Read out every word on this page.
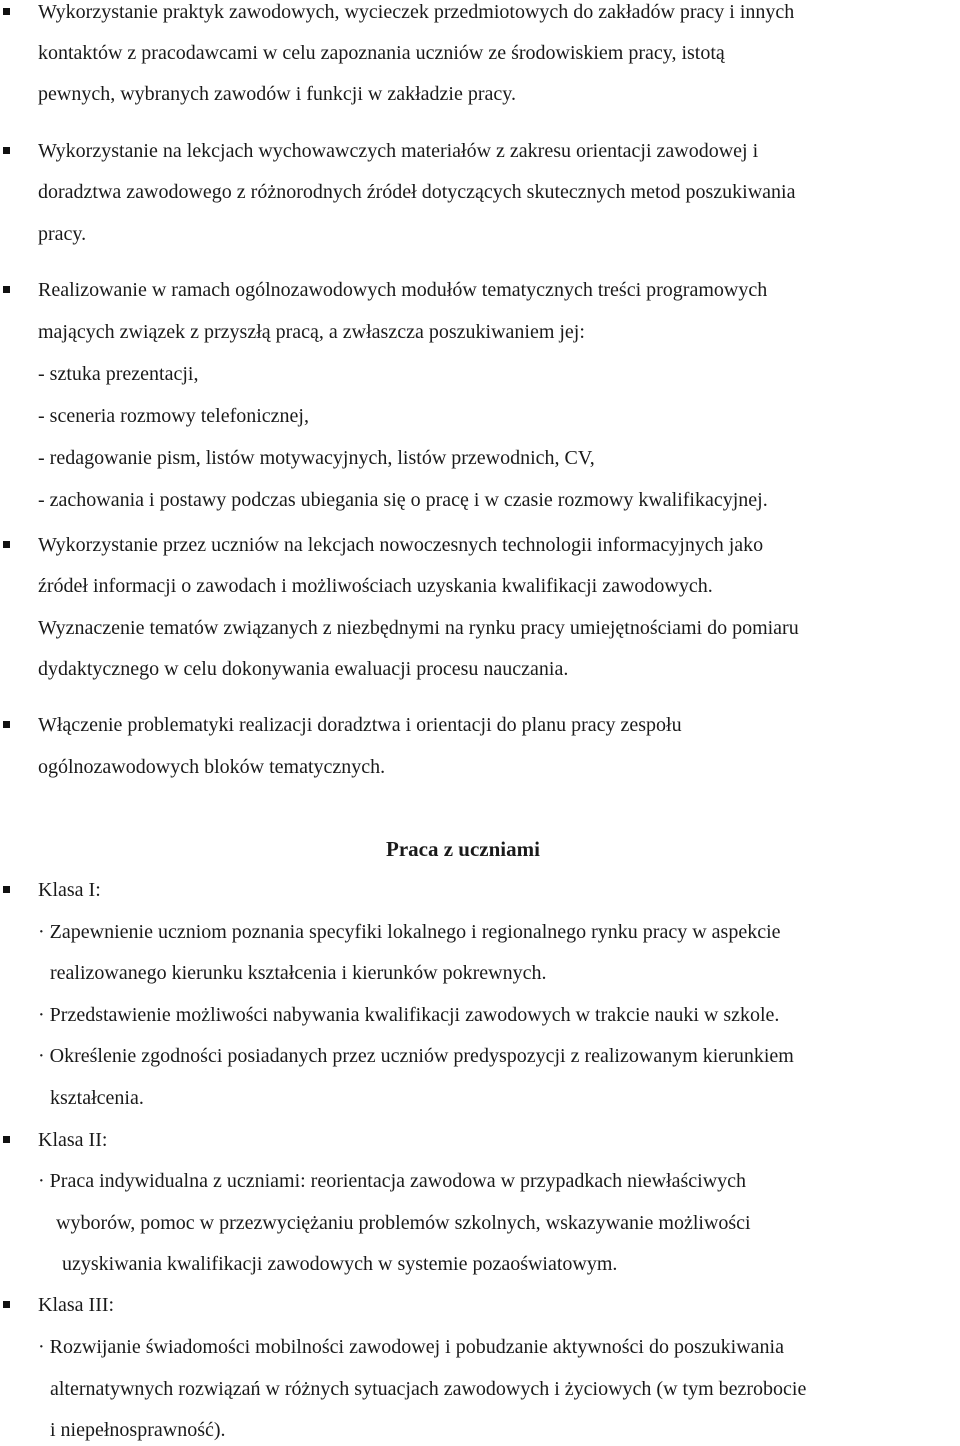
Wykorzystanie praktyk zawodowych, wycieczek przedmiotowych do zakładów pracy i innych
kontaktów z pracodawcami w celu zapoznania uczniów ze środowiskiem pracy, istotą
pewnych, wybranych zawodów i funkcji w zakładzie pracy.
Wykorzystanie na lekcjach wychowawczych materiałów z zakresu orientacji zawodowej i
doradztwa zawodowego z różnorodnych źródeł dotyczących skutecznych metod poszukiwania
pracy.
Realizowanie w ramach ogólnozawodowych modułów tematycznych treści programowych
mających związek z przyszłą pracą, a zwłaszcza poszukiwaniem jej:
- sztuka prezentacji,
- sceneria rozmowy telefonicznej,
- redagowanie pism, listów motywacyjnych, listów przewodnich, CV,
- zachowania i postawy podczas ubiegania się o pracę i w czasie rozmowy kwalifikacyjnej.
Wykorzystanie przez uczniów na lekcjach nowoczesnych technologii informacyjnych jako
źródeł informacji o zawodach i możliwościach uzyskania kwalifikacji zawodowych.
Wyznaczenie tematów związanych z niezbędnymi na rynku pracy umiejętnościami do pomiaru
dydaktycznego w celu dokonywania ewaluacji procesu nauczania.
Włączenie problematyki realizacji doradztwa i orientacji do planu pracy zespołu
ogólnozawodowych bloków tematycznych.
Praca z uczniami
Klasa I:
· Zapewnienie uczniom poznania specyfiki lokalnego i regionalnego rynku pracy w aspekcie
realizowanego kierunku kształcenia i kierunków pokrewnych.
· Przedstawienie możliwości nabywania kwalifikacji zawodowych w trakcie nauki w szkole.
· Określenie zgodności posiadanych przez uczniów predyspozycji z realizowanym kierunkiem
kształcenia.
Klasa II:
· Praca indywidualna z uczniami: reorientacja zawodowa w przypadkach niewłaściwych
wyborów, pomoc w przezwyciężaniu problemów szkolnych, wskazywanie możliwości
uzyskiwania kwalifikacji zawodowych w systemie pozaoświatowym.
Klasa III:
· Rozwijanie świadomości mobilności zawodowej i pobudzanie aktywności do poszukiwania
alternatywnych rozwiązań w różnych sytuacjach zawodowych i życiowych (w tym bezrobocie
i niepełnosprawność).
